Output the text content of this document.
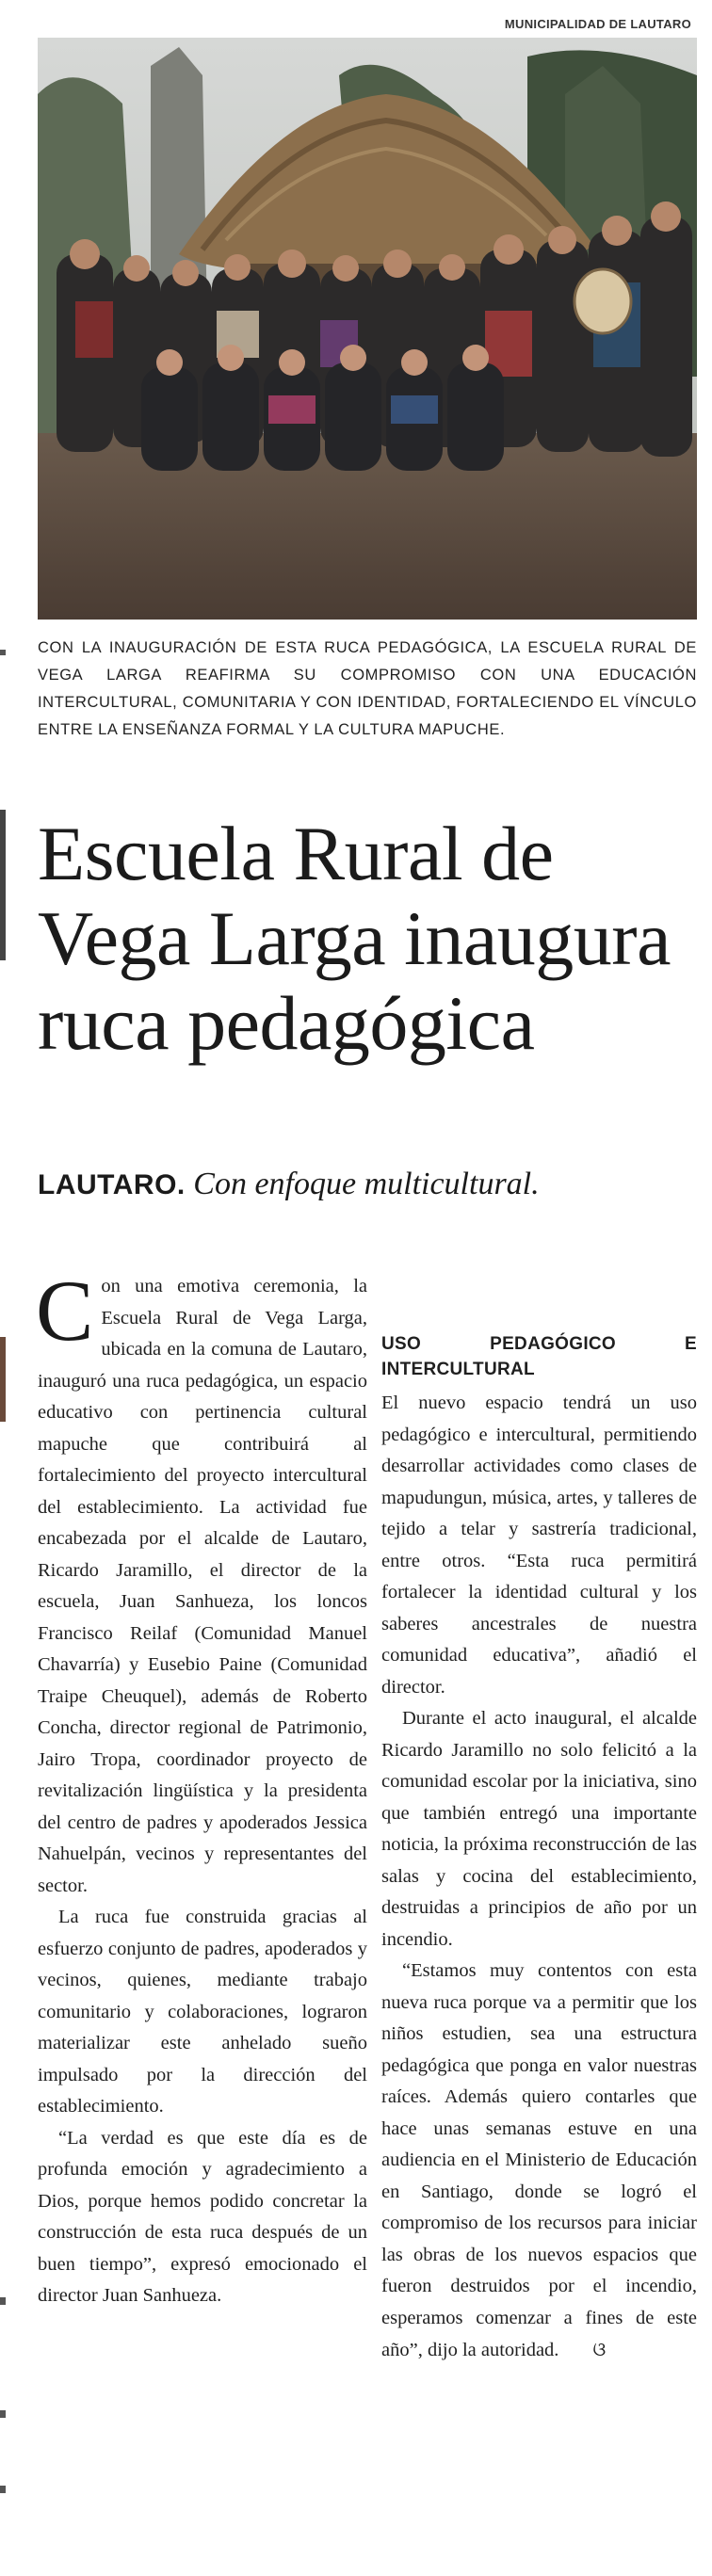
MUNICIPALIDAD DE LAUTARO
CON LA INAUGURACIÓN DE ESTA RUCA PEDAGÓGICA, LA ESCUELA RURAL DE VEGA LARGA REAFIRMA SU COMPROMISO CON UNA EDUCACIÓN INTERCULTURAL, COMUNITARIA Y CON IDENTIDAD, FORTALECIENDO EL VÍNCULO ENTRE LA ENSEÑANZA FORMAL Y LA CULTURA MAPUCHE.
Escuela Rural de Vega Larga inaugura ruca pedagógica
LAUTARO. Con enfoque multicultural.

Con una emotiva ceremonia, la Escuela Rural de Vega Larga, ubicada en la comuna de Lautaro, inauguró una ruca pedagógica, un espacio educativo con pertinencia cultural mapuche que contribuirá al fortalecimiento del proyecto intercultural del establecimiento. La actividad fue encabezada por el alcalde de Lautaro, Ricardo Jaramillo, el director de la escuela, Juan Sanhueza, los loncos Francisco Reilaf (Comunidad Manuel Chavarría) y Eusebio Paine (Comunidad Traipe Cheuquel), además de Roberto Concha, director regional de Patrimonio, Jairo Tropa, coordinador proyecto de revitalización lingüística y la presidenta del centro de padres y apoderados Jessica Nahuelpán, vecinos y representantes del sector.

La ruca fue construida gracias al esfuerzo conjunto de padres, apoderados y vecinos, quienes, mediante trabajo comunitario y colaboraciones, lograron materializar este anhelado sueño impulsado por la dirección del establecimiento.

“La verdad es que este día es de profunda emoción y agradecimiento a Dios, porque hemos podido concretar la construcción de esta ruca después de un buen tiempo”, expresó emocionado el director Juan Sanhueza.

USO PEDAGÓGICO E INTERCULTURAL

El nuevo espacio tendrá un uso pedagógico e intercultural, permitiendo desarrollar actividades como clases de mapudungun, música, artes, y talleres de tejido a telar y sastrería tradicional, entre otros. “Esta ruca permitirá fortalecer la identidad cultural y los saberes ancestrales de nuestra comunidad educativa”, añadió el director.

Durante el acto inaugural, el alcalde Ricardo Jaramillo no solo felicitó a la comunidad escolar por la iniciativa, sino que también entregó una importante noticia, la próxima reconstrucción de las salas y cocina del establecimiento, destruidas a principios de año por un incendio.

“Estamos muy contentos con esta nueva ruca porque va a permitir que los niños estudien, sea una estructura pedagógica que ponga en valor nuestras raíces. Además quiero contarles que hace unas semanas estuve en una audiencia en el Ministerio de Educación en Santiago, donde se logró el compromiso de los recursos para iniciar las obras de los nuevos espacios que fueron destruidos por el incendio, esperamos comenzar a fines de este año”, dijo la autoridad. ଓ
